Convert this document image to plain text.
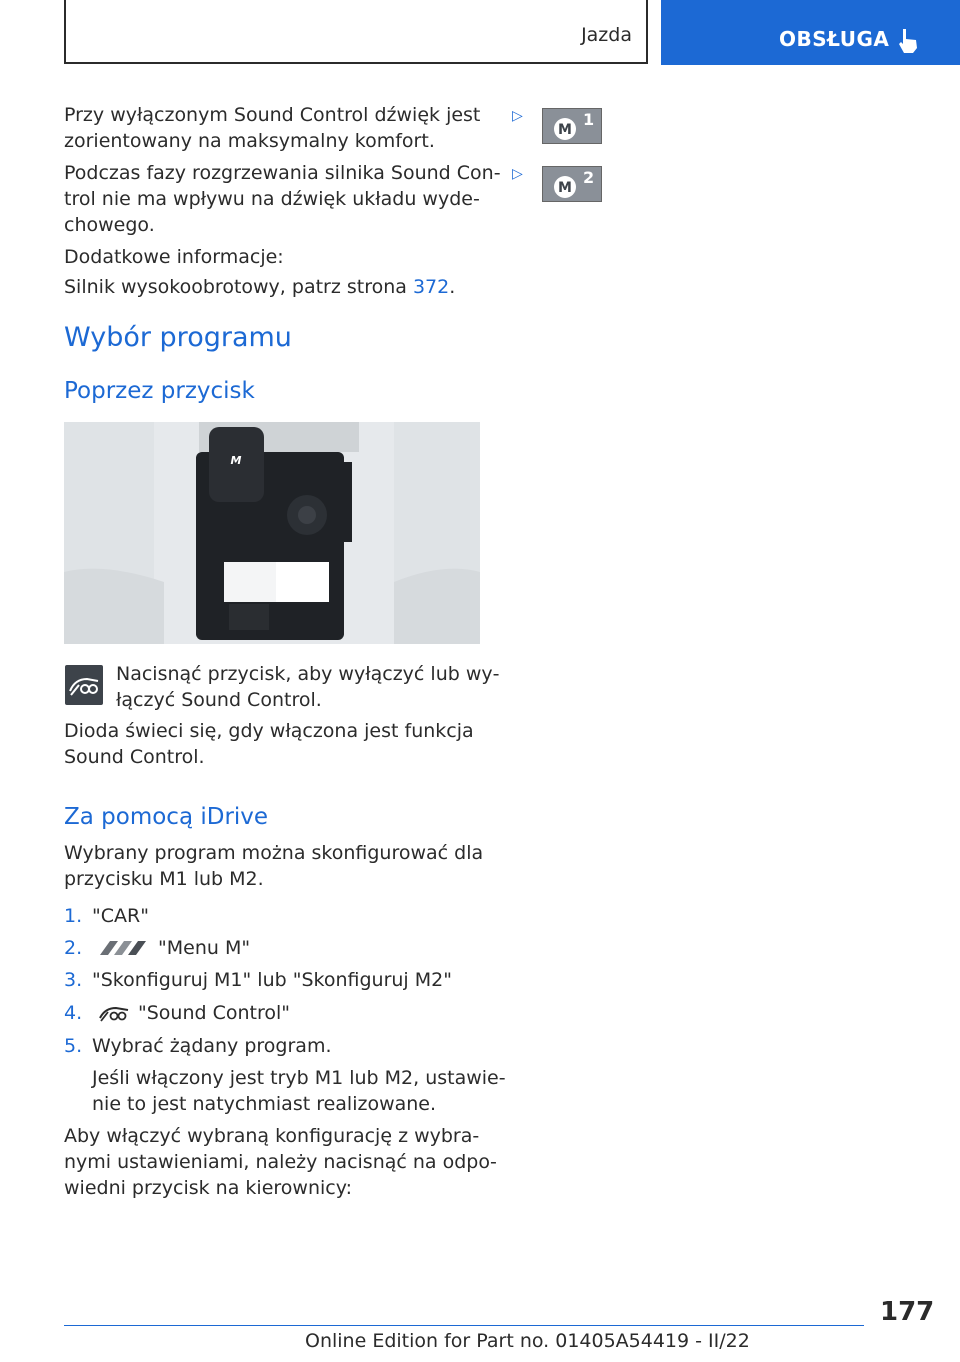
Jazda	OBSŁUGA
Przy wyłączonym Sound Control dźwięk jest
zorientowany na maksymalny komfort.
Podczas fazy rozgrzewania silnika Sound Con‐
trol nie ma wpływu na dźwięk układu wyde‐
chowego.
Dodatkowe informacje:
Silnik wysokoobrotowy, patrz strona 372.
▷
M
1
▷
M
2
Wybór programu
Poprzez przycisk
M
Nacisnąć przycisk, aby wyłączyć lub wy‐
łączyć Sound Control.
Dioda świeci się, gdy włączona jest funkcja
Sound Control.
Za pomocą iDrive
Wybrany program można skonfigurować dla
przycisku M1 lub M2.
1. "CAR"
2.	"Menu M"
3. "Skonfiguruj M1" lub "Skonfiguruj M2"
4.	"Sound Control"
5. Wybrać żądany program.
Jeśli włączony jest tryb M1 lub M2, ustawie‐
nie to jest natychmiast realizowane.
Aby włączyć wybraną konfigurację z wybra‐
nymi ustawieniami, należy nacisnąć na odpo‐
wiedni przycisk na kierownicy:
177
Online Edition for Part no. 01405A54419 - II/22
